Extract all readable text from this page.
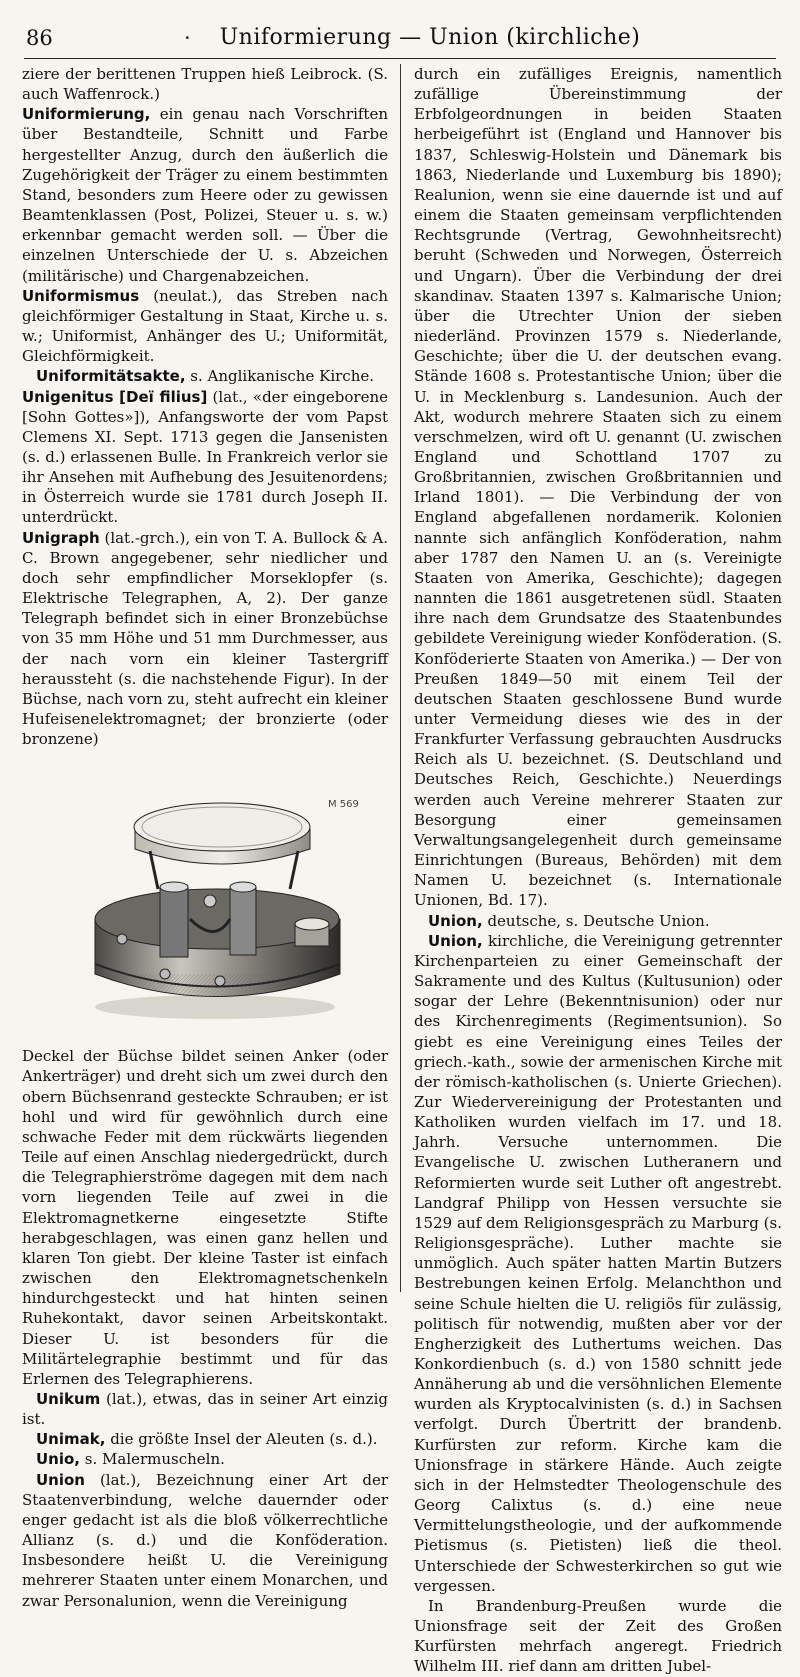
86	·	Uniformierung — Union (kirchliche)

ziere der berittenen Truppen hieß Leibrock. (S. auch Waffenrock.)

Uniformierung, ein genau nach Vorschriften über Bestandteile, Schnitt und Farbe hergestellter Anzug, durch den äußerlich die Zugehörigkeit der Träger zu einem bestimmten Stand, besonders zum Heere oder zu gewissen Beamtenklassen (Post, Polizei, Steuer u. s. w.) erkennbar gemacht werden soll. — Über die einzelnen Unterschiede der U. s. Abzeichen (militärische) und Chargenabzeichen.

Uniformismus (neulat.), das Streben nach gleichförmiger Gestaltung in Staat, Kirche u. s. w.; Uniformist, Anhänger des U.; Uniformität, Gleichförmigkeit.

Uniformitätsakte, s. Anglikanische Kirche.

Unigenitus [Deï filius] (lat., «der eingeborene [Sohn Gottes»]), Anfangsworte der vom Papst Clemens XI. Sept. 1713 gegen die Jansenisten (s. d.) erlassenen Bulle. In Frankreich verlor sie ihr Ansehen mit Aufhebung des Jesuitenordens; in Österreich wurde sie 1781 durch Joseph II. unterdrückt.

Unigraph (lat.-grch.), ein von T. A. Bullock & A. C. Brown angegebener, sehr niedlicher und doch sehr empfindlicher Morseklopfer (s. Elektrische Telegraphen, A, 2). Der ganze Telegraph befindet sich in einer Bronzebüchse von 35 mm Höhe und 51 mm Durchmesser, aus der nach vorn ein kleiner Tastergriff heraussteht (s. die nachstehende Figur). In der Büchse, nach vorn zu, steht aufrecht ein kleiner Hufeisenelektromagnet; der bronzierte (oder bronzene)

M 569

Deckel der Büchse bildet seinen Anker (oder Ankerträger) und dreht sich um zwei durch den obern Büchsenrand gesteckte Schrauben; er ist hohl und wird für gewöhnlich durch eine schwache Feder mit dem rückwärts liegenden Teile auf einen Anschlag niedergedrückt, durch die Telegraphierströme dagegen mit dem nach vorn liegenden Teile auf zwei in die Elektromagnetkerne eingesetzte Stifte herabgeschlagen, was einen ganz hellen und klaren Ton giebt. Der kleine Taster ist einfach zwischen den Elektromagnetschenkeln hindurchgesteckt und hat hinten seinen Ruhekontakt, davor seinen Arbeitskontakt. Dieser U. ist besonders für die Militärtelegraphie bestimmt und für das Erlernen des Telegraphierens.

Unikum (lat.), etwas, das in seiner Art einzig ist.

Unimak, die größte Insel der Aleuten (s. d.).

Unio, s. Malermuscheln.

Union (lat.), Bezeichnung einer Art der Staatenverbindung, welche dauernder oder enger gedacht ist als die bloß völkerrechtliche Allianz (s. d.) und die Konföderation. Insbesondere heißt U. die Vereinigung mehrerer Staaten unter einem Monarchen, und zwar Personalunion, wenn die Vereinigung

durch ein zufälliges Ereignis, namentlich zufällige Übereinstimmung der Erbfolgeordnungen in beiden Staaten herbeigeführt ist (England und Hannover bis 1837, Schleswig-Holstein und Dänemark bis 1863, Niederlande und Luxemburg bis 1890); Realunion, wenn sie eine dauernde ist und auf einem die Staaten gemeinsam verpflichtenden Rechtsgrunde (Vertrag, Gewohnheitsrecht) beruht (Schweden und Norwegen, Österreich und Ungarn). Über die Verbindung der drei skandinav. Staaten 1397 s. Kalmarische Union; über die Utrechter Union der sieben niederländ. Provinzen 1579 s. Niederlande, Geschichte; über die U. der deutschen evang. Stände 1608 s. Protestantische Union; über die U. in Mecklenburg s. Landesunion. Auch der Akt, wodurch mehrere Staaten sich zu einem verschmelzen, wird oft U. genannt (U. zwischen England und Schottland 1707 zu Großbritannien, zwischen Großbritannien und Irland 1801). — Die Verbindung der von England abgefallenen nordamerik. Kolonien nannte sich anfänglich Konföderation, nahm aber 1787 den Namen U. an (s. Vereinigte Staaten von Amerika, Geschichte); dagegen nannten die 1861 ausgetretenen südl. Staaten ihre nach dem Grundsatze des Staatenbundes gebildete Vereinigung wieder Konföderation. (S. Konföderierte Staaten von Amerika.) — Der von Preußen 1849—50 mit einem Teil der deutschen Staaten geschlossene Bund wurde unter Vermeidung dieses wie des in der Frankfurter Verfassung gebrauchten Ausdrucks Reich als U. bezeichnet. (S. Deutschland und Deutsches Reich, Geschichte.) Neuerdings werden auch Vereine mehrerer Staaten zur Besorgung einer gemeinsamen Verwaltungsangelegenheit durch gemeinsame Einrichtungen (Bureaus, Behörden) mit dem Namen U. bezeichnet (s. Internationale Unionen, Bd. 17).

Union, deutsche, s. Deutsche Union.

Union, kirchliche, die Vereinigung getrennter Kirchenparteien zu einer Gemeinschaft der Sakramente und des Kultus (Kultusunion) oder sogar der Lehre (Bekenntnisunion) oder nur des Kirchenregiments (Regimentsunion). So giebt es eine Vereinigung eines Teiles der griech.-kath., sowie der armenischen Kirche mit der römisch-katholischen (s. Unierte Griechen). Zur Wiedervereinigung der Protestanten und Katholiken wurden vielfach im 17. und 18. Jahrh. Versuche unternommen. Die Evangelische U. zwischen Lutheranern und Reformierten wurde seit Luther oft angestrebt. Landgraf Philipp von Hessen versuchte sie 1529 auf dem Religionsgespräch zu Marburg (s. Religionsgespräche). Luther machte sie unmöglich. Auch später hatten Martin Butzers Bestrebungen keinen Erfolg. Melanchthon und seine Schule hielten die U. religiös für zulässig, politisch für notwendig, mußten aber vor der Engherzigkeit des Luthertums weichen. Das Konkordienbuch (s. d.) von 1580 schnitt jede Annäherung ab und die versöhnlichen Elemente wurden als Kryptocalvinisten (s. d.) in Sachsen verfolgt. Durch Übertritt der brandenb. Kurfürsten zur reform. Kirche kam die Unionsfrage in stärkere Hände. Auch zeigte sich in der Helmstedter Theologenschule des Georg Calixtus (s. d.) eine neue Vermittelungstheologie, und der aufkommende Pietismus (s. Pietisten) ließ die theol. Unterschiede der Schwesterkirchen so gut wie vergessen.

In Brandenburg-Preußen wurde die Unionsfrage seit der Zeit des Großen Kurfürsten mehrfach angeregt. Friedrich Wilhelm III. rief dann am dritten Jubel-
